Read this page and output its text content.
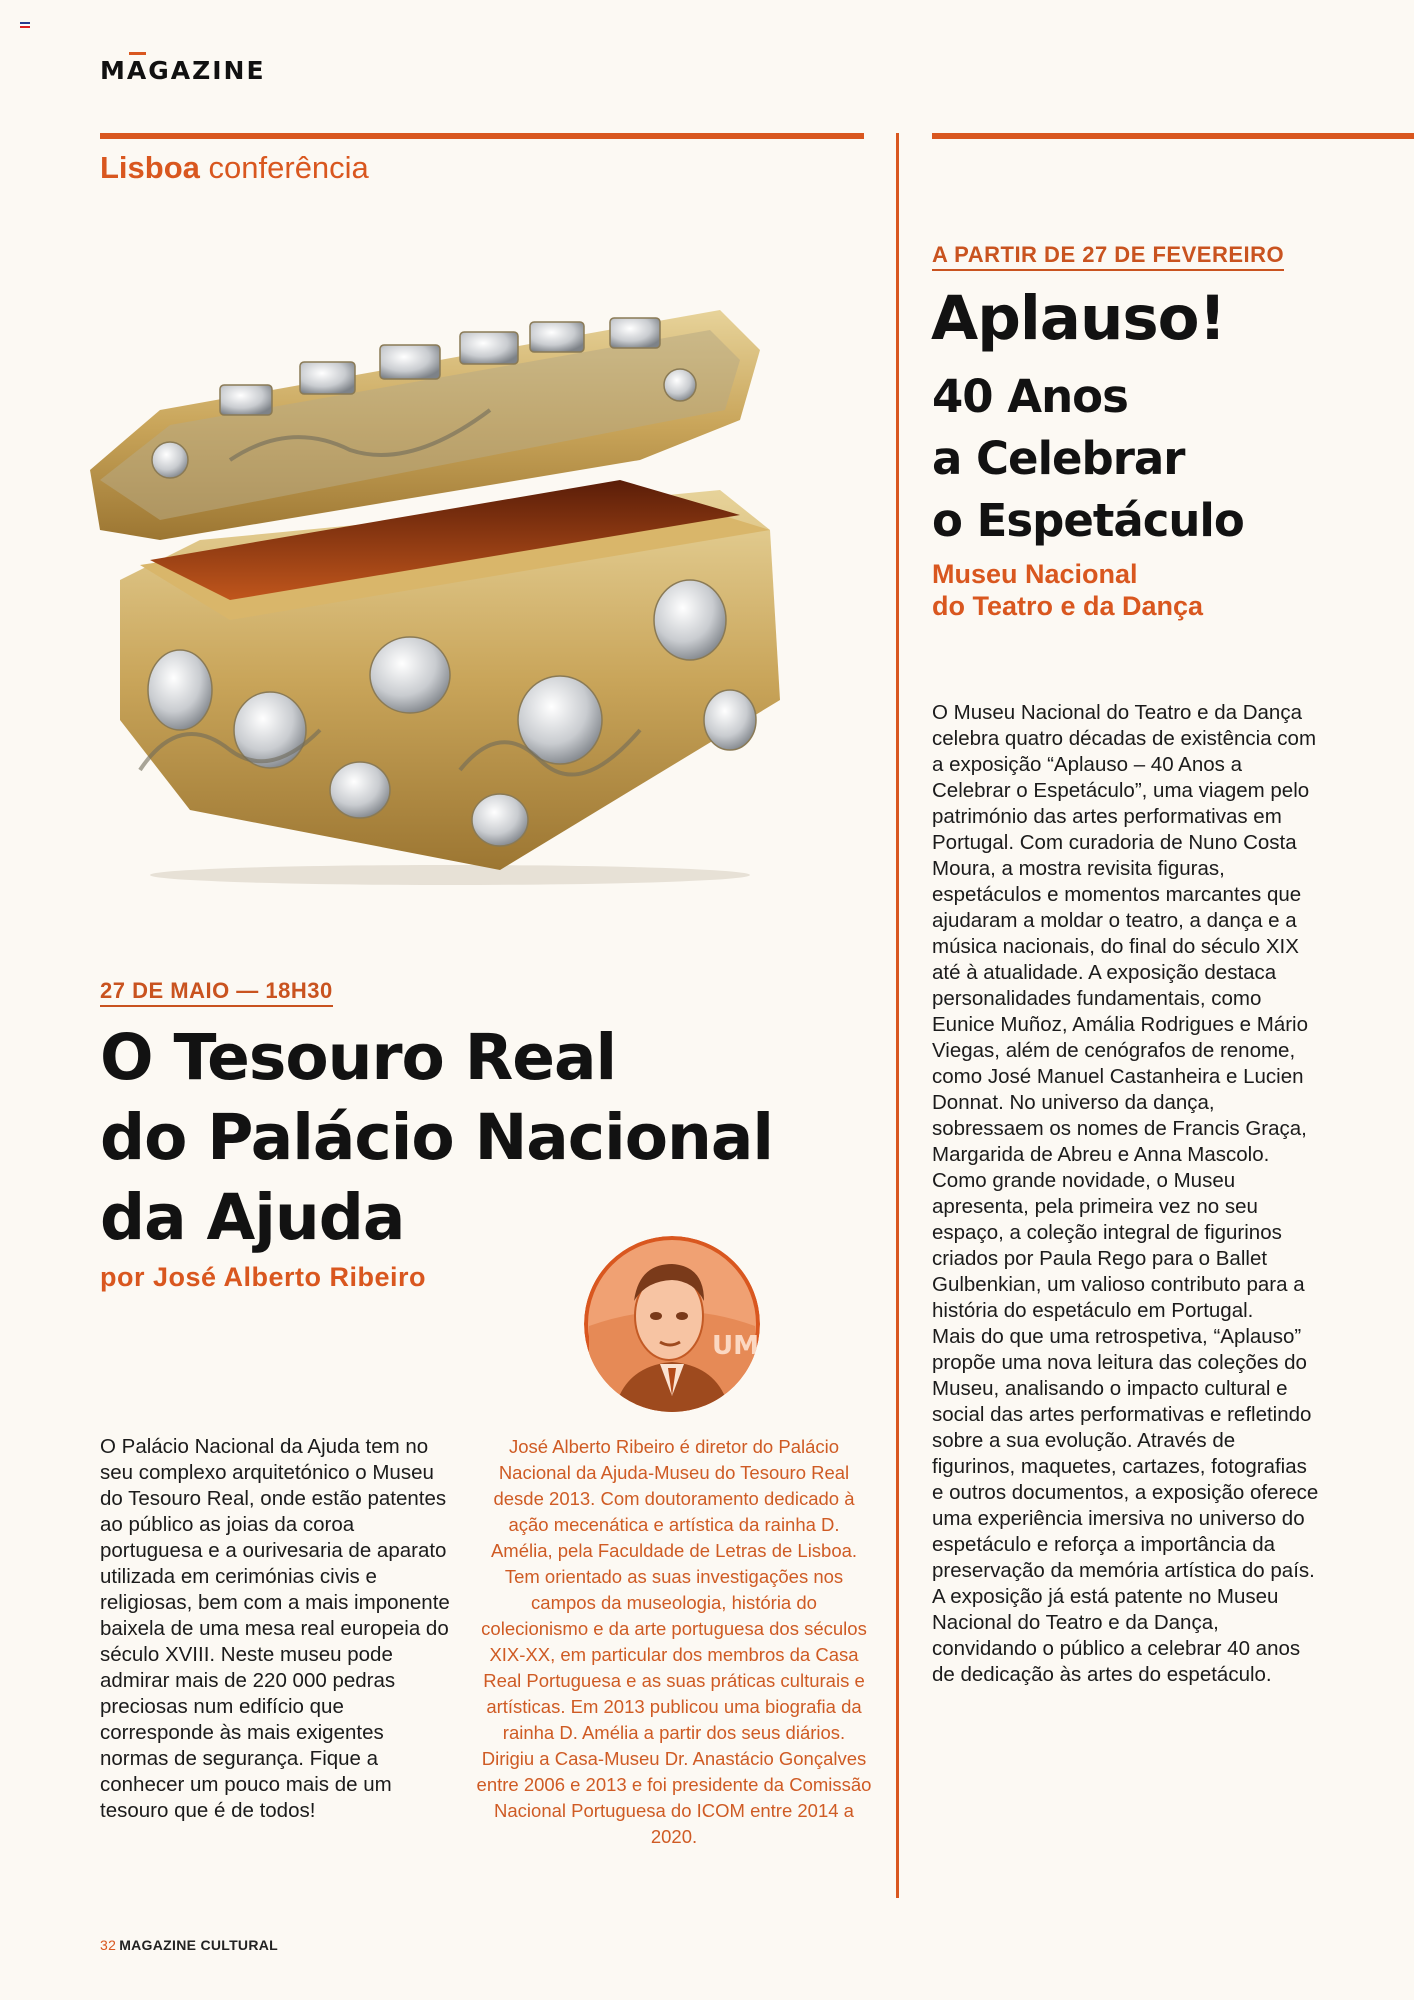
MAGAZINE
Lisboa conferência
27 DE MAIO — 18H30
O Tesouro Real
do Palácio Nacional
da Ajuda
por José Alberto Ribeiro
UM
O Palácio Nacional da Ajuda tem no seu complexo arquitetónico o Museu do Tesouro Real, onde estão patentes ao público as joias da coroa portuguesa e a ourivesaria de aparato utilizada em cerimónias civis e religiosas, bem com a mais imponente baixela de uma mesa real europeia do século XVIII. Neste museu pode admirar mais de 220 000 pedras preciosas num edifício que corresponde às mais exigentes normas de segurança. Fique a conhecer um pouco mais de um tesouro que é de todos!
José Alberto Ribeiro é diretor do Palácio Nacional da Ajuda-Museu do Tesouro Real desde 2013. Com doutoramento dedicado à ação mecenática e artística da rainha D. Amélia, pela Faculdade de Letras de Lisboa. Tem orientado as suas investigações nos campos da museologia, história do colecionismo e da arte portuguesa dos séculos XIX-XX, em particular dos membros da Casa Real Portuguesa e as suas práticas culturais e artísticas. Em 2013 publicou uma biografia da rainha D. Amélia a partir dos seus diários. Dirigiu a Casa-Museu Dr. Anastácio Gonçalves entre 2006 e 2013 e foi presidente da Comissão Nacional Portuguesa do ICOM entre 2014 a 2020.
A PARTIR DE 27 DE FEVEREIRO
Aplauso!
40 Anos
a Celebrar
o Espetáculo
Museu Nacional
do Teatro e da Dança

O Museu Nacional do Teatro e da Dança celebra quatro décadas de existência com a exposição “Aplauso – 40 Anos a Celebrar o Espetáculo”, uma viagem pelo património das artes performativas em Portugal. Com curadoria de Nuno Costa Moura, a mostra revisita figuras, espetáculos e momentos marcantes que ajudaram a moldar o teatro, a dança e a música nacionais, do final do século XIX até à atualidade. A exposição destaca personalidades fundamentais, como Eunice Muñoz, Amália Rodrigues e Mário Viegas, além de cenógrafos de renome, como José Manuel Castanheira e Lucien Donnat. No universo da dança, sobressaem os nomes de Francis Graça, Margarida de Abreu e Anna Mascolo. Como grande novidade, o Museu apresenta, pela primeira vez no seu espaço, a coleção integral de figurinos criados por Paula Rego para o Ballet Gulbenkian, um valioso contributo para a história do espetáculo em Portugal.

Mais do que uma retrospetiva, “Aplauso” propõe uma nova leitura das coleções do Museu, analisando o impacto cultural e social das artes performativas e refletindo sobre a sua evolução. Através de figurinos, maquetes, cartazes, fotografias e outros documentos, a exposição oferece uma experiência imersiva no universo do espetáculo e reforça a importância da preservação da memória artística do país. A exposição já está patente no Museu Nacional do Teatro e da Dança, convidando o público a celebrar 40 anos de dedicação às artes do espetáculo.

32 MAGAZINE CULTURAL
